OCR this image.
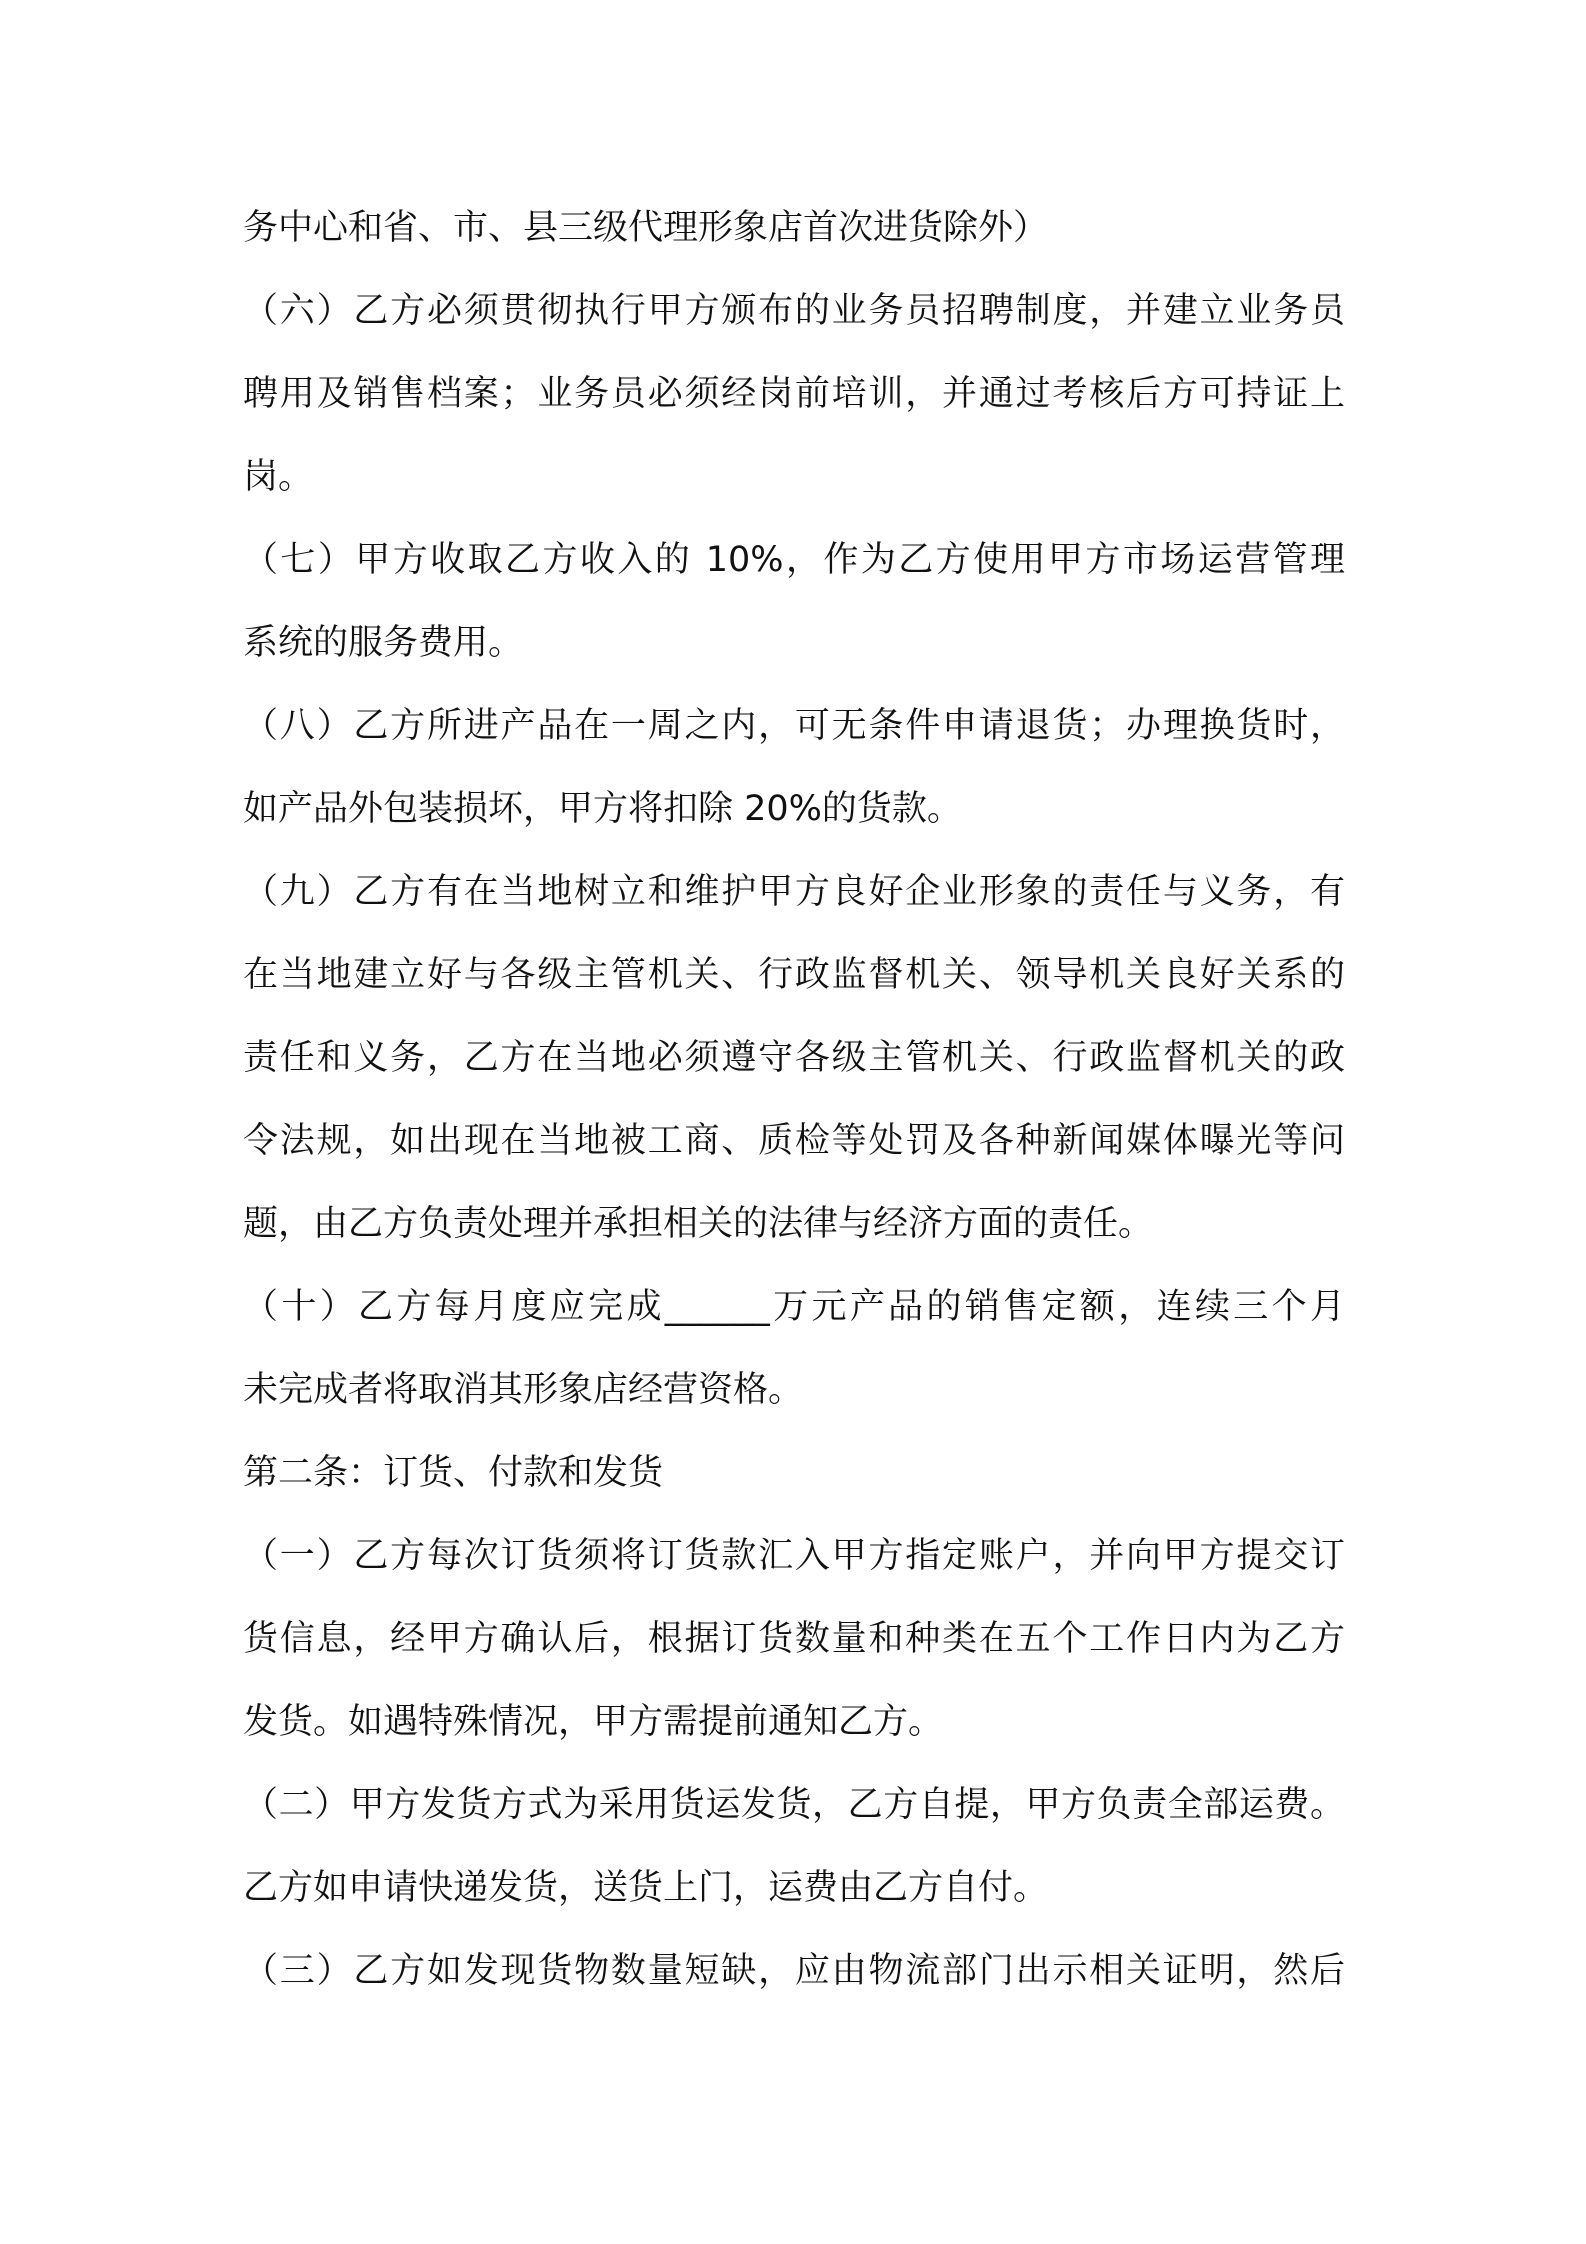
务中心和省、市、县三级代理形象店首次进货除外）
（六）乙方必须贯彻执行甲方颁布的业务员招聘制度，并建立业务员
聘用及销售档案；业务员必须经岗前培训，并通过考核后方可持证上
岗。
（七）甲方收取乙方收入的 10%，作为乙方使用甲方市场运营管理
系统的服务费用。
（八）乙方所进产品在一周之内，可无条件申请退货；办理换货时，
如产品外包装损坏，甲方将扣除 20%的货款。
（九）乙方有在当地树立和维护甲方良好企业形象的责任与义务，有
在当地建立好与各级主管机关、行政监督机关、领导机关良好关系的
责任和义务，乙方在当地必须遵守各级主管机关、行政监督机关的政
令法规，如出现在当地被工商、质检等处罚及各种新闻媒体曝光等问
题，由乙方负责处理并承担相关的法律与经济方面的责任。
（十）乙方每月度应完成______万元产品的销售定额，连续三个月
未完成者将取消其形象店经营资格。
第二条：订货、付款和发货
（一）乙方每次订货须将订货款汇入甲方指定账户，并向甲方提交订
货信息，经甲方确认后，根据订货数量和种类在五个工作日内为乙方
发货。如遇特殊情况，甲方需提前通知乙方。
（二）甲方发货方式为采用货运发货，乙方自提，甲方负责全部运费。
乙方如申请快递发货，送货上门，运费由乙方自付。
（三）乙方如发现货物数量短缺，应由物流部门出示相关证明，然后
